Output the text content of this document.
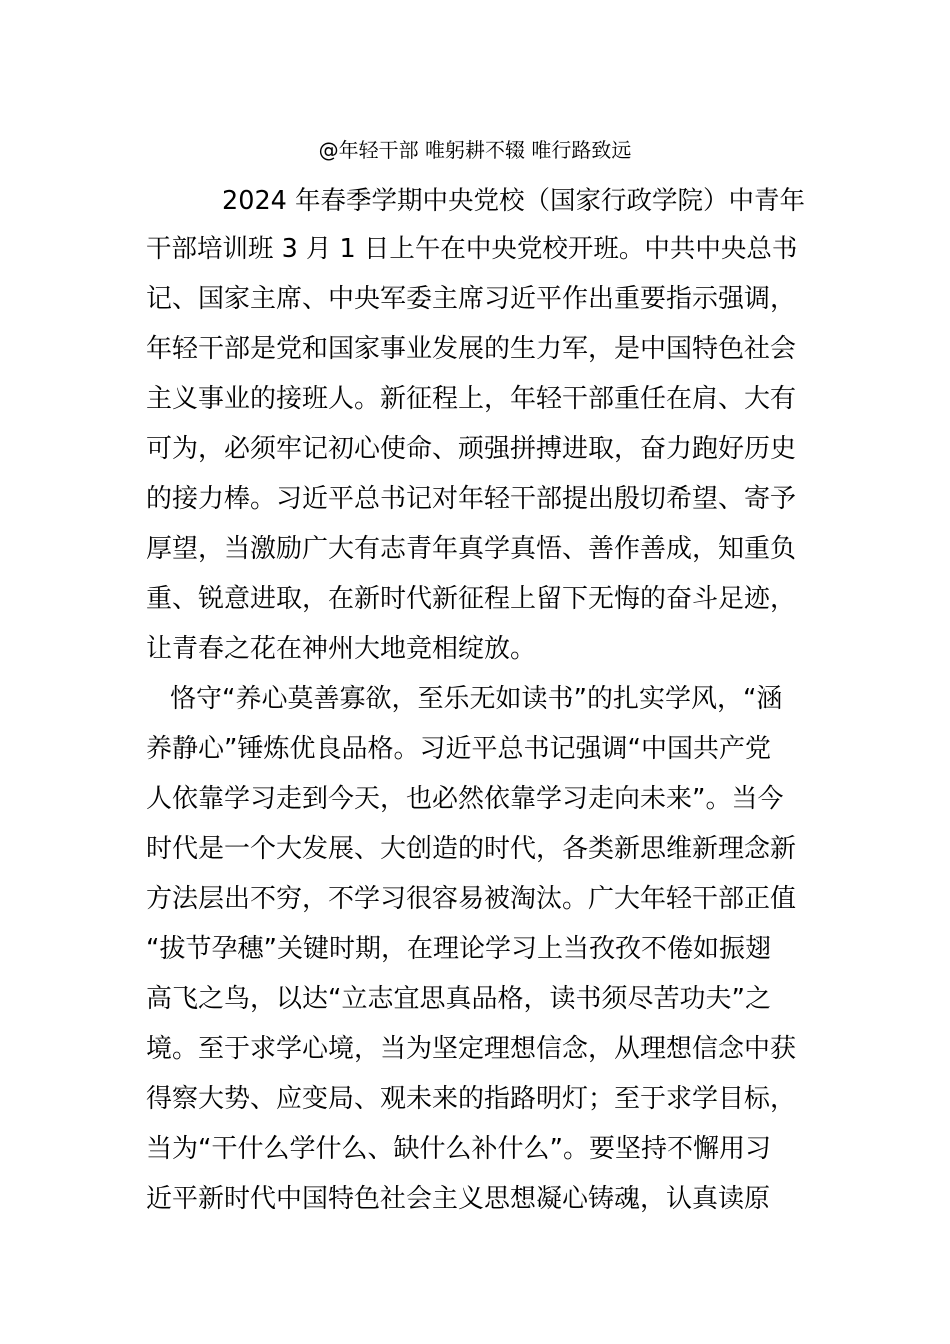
@年轻干部 唯躬耕不辍 唯行路致远
2024 年春季学期中央党校（国家行政学院）中青年
干部培训班 3 月 1 日上午在中央党校开班。中共中央总书
记、国家主席、中央军委主席习近平作出重要指示强调，
年轻干部是党和国家事业发展的生力军，是中国特色社会
主义事业的接班人。新征程上，年轻干部重任在肩、大有
可为，必须牢记初心使命、顽强拼搏进取，奋力跑好历史
的接力棒。习近平总书记对年轻干部提出殷切希望、寄予
厚望，当激励广大有志青年真学真悟、善作善成，知重负
重、锐意进取，在新时代新征程上留下无悔的奋斗足迹，
让青春之花在神州大地竞相绽放。
恪守“养心莫善寡欲，至乐无如读书”的扎实学风，“涵
养静心”锤炼优良品格。习近平总书记强调“中国共产党
人依靠学习走到今天，也必然依靠学习走向未来”。当今
时代是一个大发展、大创造的时代，各类新思维新理念新
方法层出不穷，不学习很容易被淘汰。广大年轻干部正值
“拔节孕穗”关键时期，在理论学习上当孜孜不倦如振翅
高飞之鸟，以达“立志宜思真品格，读书须尽苦功夫”之
境。至于求学心境，当为坚定理想信念，从理想信念中获
得察大势、应变局、观未来的指路明灯；至于求学目标，
当为“干什么学什么、缺什么补什么”。要坚持不懈用习
近平新时代中国特色社会主义思想凝心铸魂，认真读原
